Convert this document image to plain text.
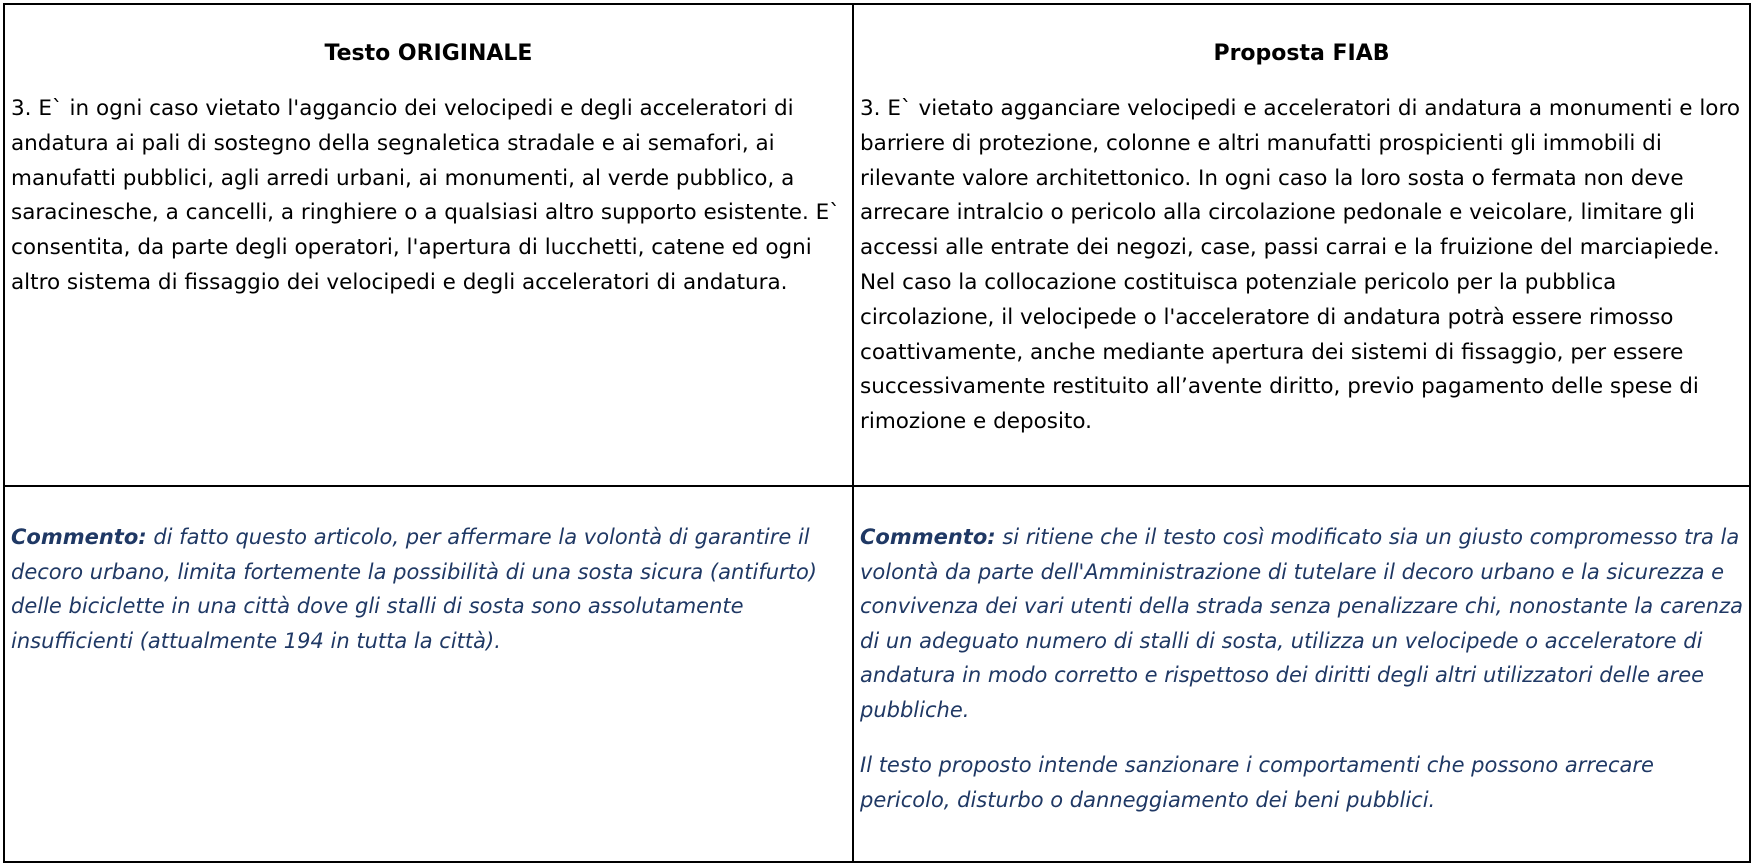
Testo ORIGINALE

3. E` in ogni caso vietato l'aggancio dei velocipedi e degli acceleratori di andatura ai pali di sostegno della segnaletica stradale e ai semafori, ai manufatti pubblici, agli arredi urbani, ai monumenti, al verde pubblico, a saracinesche, a cancelli, a ringhiere o a qualsiasi altro supporto esistente. E` consentita, da parte degli operatori, l'apertura di lucchetti, catene ed ogni altro sistema di fissaggio dei velocipedi e degli acceleratori di andatura.

Proposta FIAB

3. E` vietato agganciare velocipedi e acceleratori di andatura a monumenti e loro barriere di protezione, colonne e altri manufatti prospicienti gli immobili di rilevante valore architettonico. In ogni caso la loro sosta o fermata non deve arrecare intralcio o pericolo alla circolazione pedonale e veicolare, limitare gli accessi alle entrate dei negozi, case, passi carrai e la fruizione del marciapiede. Nel caso la collocazione costituisca potenziale pericolo per la pubblica circolazione, il velocipede o l'acceleratore di andatura potrà essere rimosso coattivamente, anche mediante apertura dei sistemi di fissaggio, per essere successivamente restituito all’avente diritto, previo pagamento delle spese di rimozione e deposito.

Commento: di fatto questo articolo, per affermare la volontà di garantire il decoro urbano, limita fortemente la possibilità di una sosta sicura (antifurto) delle biciclette in una città dove gli stalli di sosta sono assolutamente insufficienti (attualmente 194 in tutta la città).

Commento: si ritiene che il testo così modificato sia un giusto compromesso tra la volontà da parte dell'Amministrazione di tutelare il decoro urbano e la sicurezza e convivenza dei vari utenti della strada senza penalizzare chi, nonostante la carenza di un adeguato numero di stalli di sosta, utilizza un velocipede o acceleratore di andatura in modo corretto e rispettoso dei diritti degli altri utilizzatori delle aree pubbliche.

Il testo proposto intende sanzionare i comportamenti che possono arrecare pericolo, disturbo o danneggiamento dei beni pubblici.
